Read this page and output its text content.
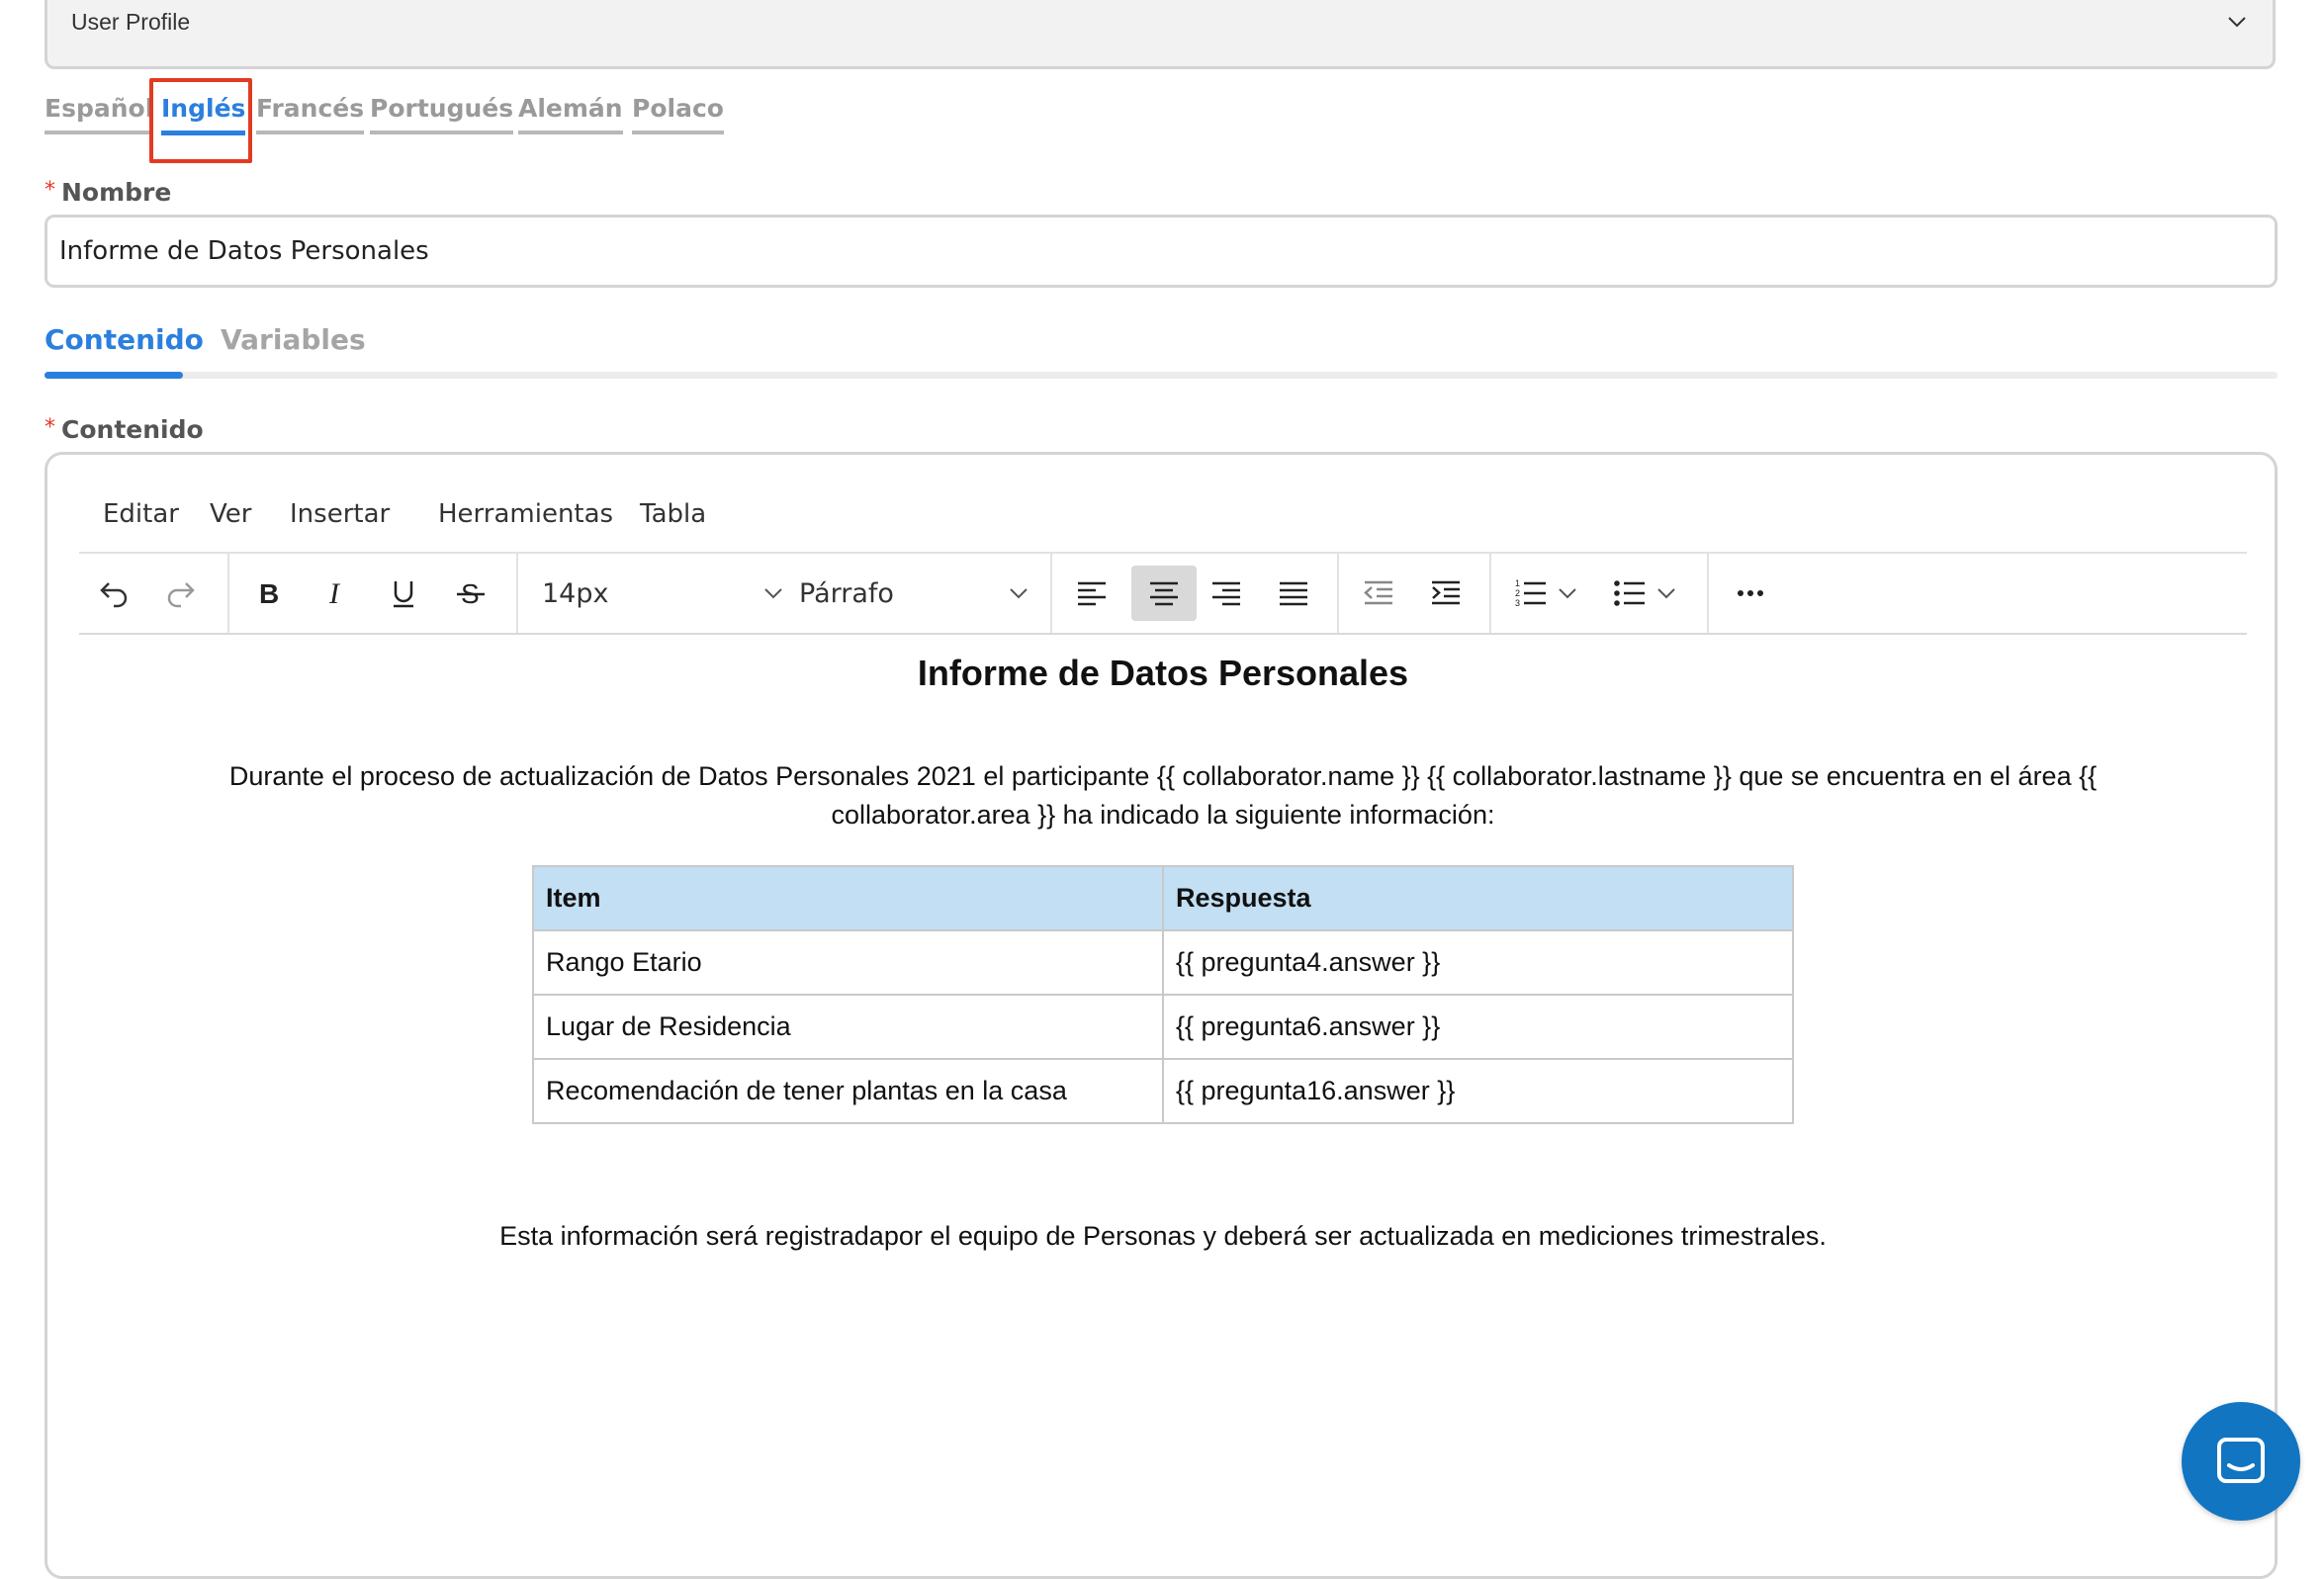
User Profile
Español Inglés Francés Portugués Alemán Polaco
* Nombre
Informe de Datos Personales
Contenido Variables
* Contenido
Editar Ver Insertar Herramientas Tabla
B I	S 14px	Párrafo	1
2
3
Informe de Datos Personales
Durante el proceso de actualización de Datos Personales 2021 el participante {{ collaborator.name }} {{ collaborator.lastname }} que se encuentra en el área {{ collaborator.area }} ha indicado la siguiente información:
Item	Respuesta
Rango Etario	{{ pregunta4.answer }}
Lugar de Residencia	{{ pregunta6.answer }}
Recomendación de tener plantas en la casa	{{ pregunta16.answer }}
Esta información será registradapor el equipo de Personas y deberá ser actualizada en mediciones trimestrales.
